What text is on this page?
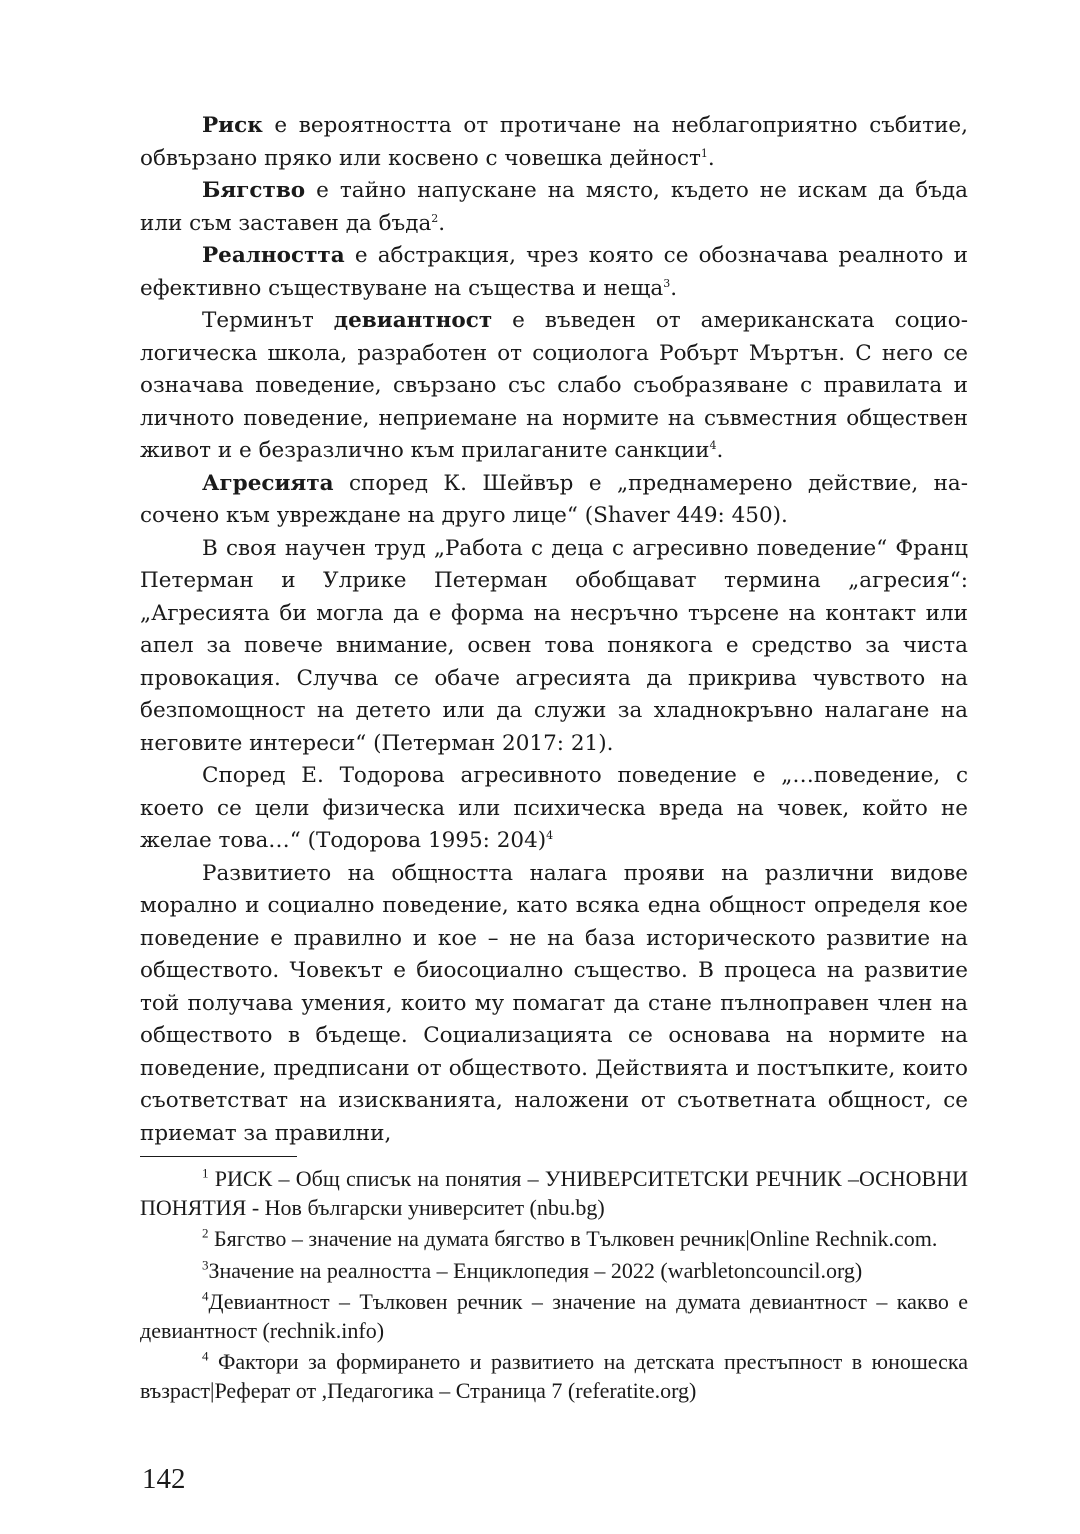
Риск е вероятността от протичане на неблагоприятно събитие, обвързано пряко или косвено с човешка дейност$^1$.

Бягство е тайно напускане на място, където не искам да бъда или съм заставен да бъда$^2$.

Реалността е абстракция, чрез която се обозначава реалното и ефективно съществуване на същества и неща$^3$.

Терминът девиантност е въведен от американската социологическа школа, разработен от социолога Робърт Мъртън. С него се означава поведение, свързано със слабо съобразяване с правилата и личното поведение, неприемане на нормите на съвместния обществен живот и е безразлично към прилаганите санкции$^4$.

Агресията според К. Шейвър е „преднамерено действие, насочено към увреждане на друго лице“ (Shaver 449: 450).

В своя научен труд „Работа с деца с агресивно поведение“ Франц Петерман и Улрике Петерман обобщават термина „агресия“: „Агресията би могла да е форма на несръчно търсене на контакт или апел за повече внимание, освен това понякога е средство за чиста провокация. Случва се обаче агресията да прикрива чувството на безпомощност на детето или да служи за хладнокръвно налагане на неговите интереси“ (Петерман 2017: 21).

Според Е. Тодорова агресивното поведение е „…поведение, с което се цели физическа или психическа вреда на човек, който не желае това…“ (Тодорова 1995: 204)$^4$

Развитието на общността налага прояви на различни видове морално и социално поведение, като всяка една общност определя кое поведение е правилно и кое – не на база историческото развитие на обществото. Човекът е биосоциално същество. В процеса на развитие той получава умения, които му помагат да стане пълноправен член на обществото в бъдеще. Социализацията се основава на нормите на поведение, предписани от обществото. Действията и постъпките, които съответстват на изискванията, наложени от съответната общност, се приемат за правилни,

$^1$ РИСК – Общ списък на понятия – УНИВЕРСИТЕТСКИ РЕЧНИК –ОСНОВНИ ПОНЯТИЯ - Нов български университет (nbu.bg)

$^2$ Бягство – значение на думата бягство в Тълковен речник|Online Rechnik.com.

$^3$Значение на реалността – Енциклопедия – 2022 (warbletoncouncil.org)

$^4$Девиантност – Тълковен речник – значение на думата девиантност – какво е девиантност (rechnik.info)

$^4$ Фактори за формирането и развитието на детската престъпност в юношеска възраст|Реферат от ,Педагогика – Страница 7 (referatite.org)

142
